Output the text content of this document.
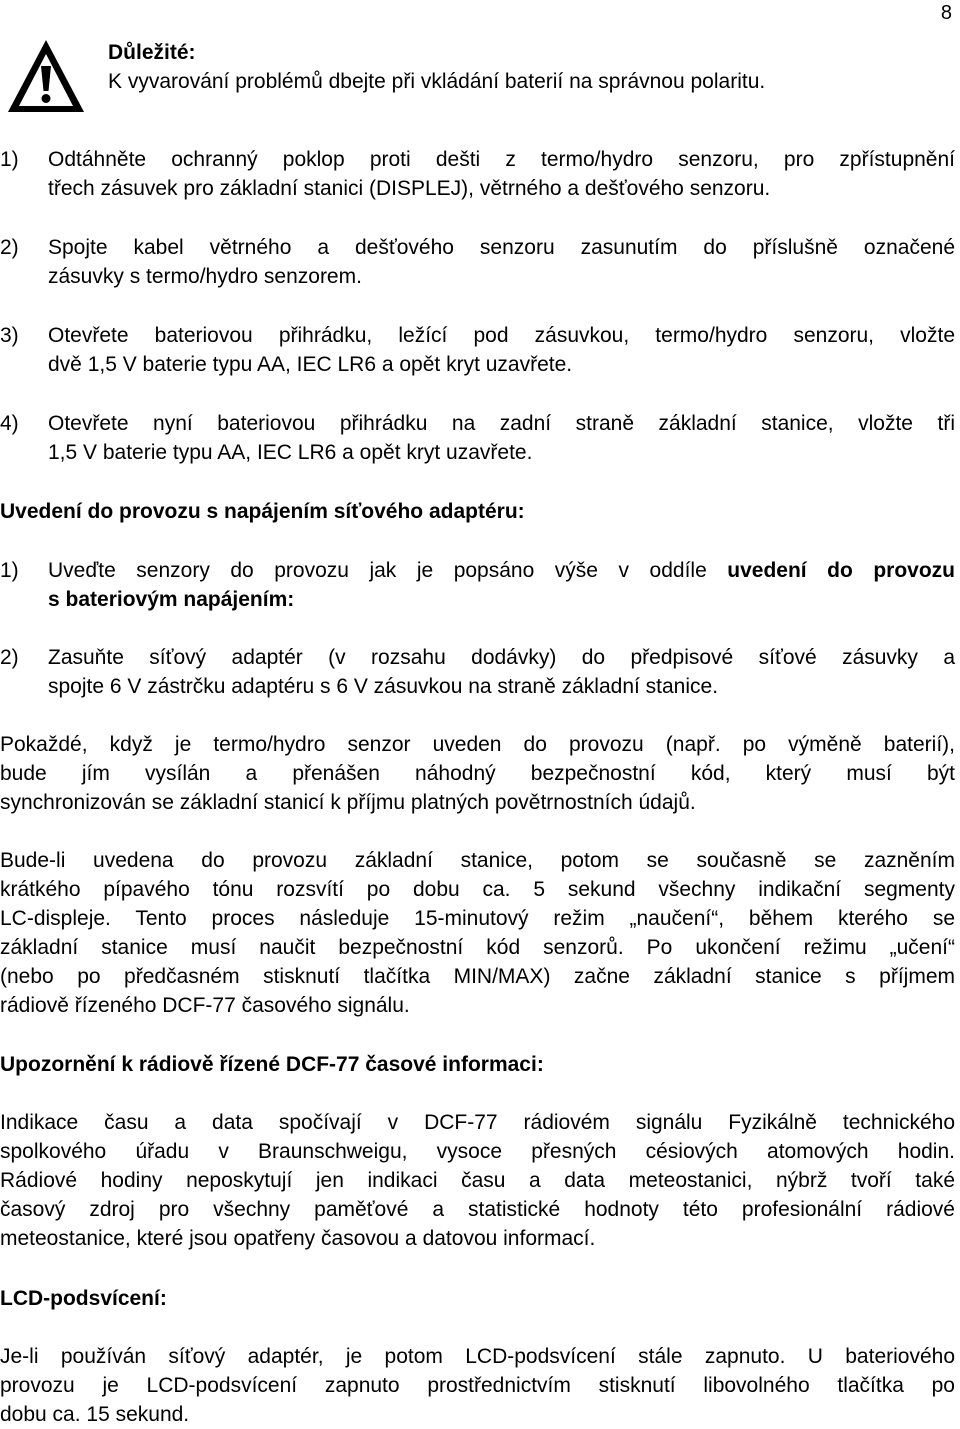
8
Důležité:
K vyvarování problémů dbejte při vkládání baterií na správnou polaritu.
1)	Odtáhněte ochranný poklop proti dešti z termo/hydro senzoru, pro zpřístupnění
třech zásuvek pro základní stanici (DISPLEJ), větrného a dešťového senzoru.
2)	Spojte kabel větrného a dešťového senzoru zasunutím do příslušně označené
zásuvky s termo/hydro senzorem.
3)	Otevřete bateriovou přihrádku, ležící pod zásuvkou, termo/hydro senzoru, vložte
dvě 1,5 V baterie typu AA, IEC LR6 a opět kryt uzavřete.
4)	Otevřete nyní bateriovou přihrádku na zadní straně základní stanice, vložte tři
1,5 V baterie typu AA, IEC LR6 a opět kryt uzavřete.
Uvedení do provozu s napájením síťového adaptéru:
1)	Uveďte senzory do provozu jak je popsáno výše v oddíle uvedení do provozu
s bateriovým napájením:
2)	Zasuňte síťový adaptér (v rozsahu dodávky) do předpisové síťové zásuvky a
spojte 6 V zástrčku adaptéru s 6 V zásuvkou na straně základní stanice.
Pokaždé, když je termo/hydro senzor uveden do provozu (např. po výměně baterií),
bude jím vysílán a přenášen náhodný bezpečnostní kód, který musí být
synchronizován se základní stanicí k příjmu platných povětrnostních údajů.
Bude-li uvedena do provozu základní stanice, potom se současně se zazněním
krátkého pípavého tónu rozsvítí po dobu ca. 5 sekund všechny indikační segmenty
LC-displeje. Tento proces následuje 15-minutový režim „naučení“, během kterého se
základní stanice musí naučit bezpečnostní kód senzorů. Po ukončení režimu „učení“
(nebo po předčasném stisknutí tlačítka MIN/MAX) začne základní stanice s příjmem
rádiově řízeného DCF-77 časového signálu.
Upozornění k rádiově řízené DCF-77 časové informaci:
Indikace času a data spočívají v DCF-77 rádiovém signálu Fyzikálně technického
spolkového úřadu v Braunschweigu, vysoce přesných césiových atomových hodin.
Rádiové hodiny neposkytují jen indikaci času a data meteostanici, nýbrž tvoří také
časový zdroj pro všechny paměťové a statistické hodnoty této profesionální rádiové
meteostanice, které jsou opatřeny časovou a datovou informací.
LCD-podsvícení:
Je-li používán síťový adaptér, je potom LCD-podsvícení stále zapnuto. U bateriového
provozu je LCD-podsvícení zapnuto prostřednictvím stisknutí libovolného tlačítka po
dobu ca. 15 sekund.
